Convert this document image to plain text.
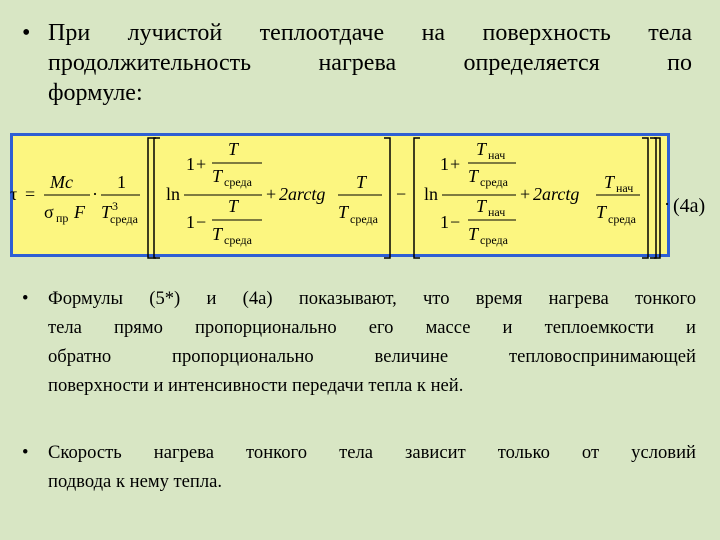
• При лучистой теплоотдаче на поверхность тела
продолжительность нагрева определяется по
формуле:
τ =
Mc
σ пр F
·
1
T 3
среда
ln
1 +
T
T среда
1 −
T
T среда
+ 2arctg
T
T среда
− ln
1 +
T нач
T среда
1 −
T нач
T среда
+ 2arctg
T нач
T среда
· (4а)
•	Формулы (5*) и (4а) показывают, что время нагрева тонкого
тела прямо пропорционально его массе и теплоемкости и
обратно пропорционально величине тепловоспринимающей
поверхности и интенсивности передачи тепла к ней.
•	Скорость нагрева тонкого тела зависит только от условий
подвода к нему тепла.
